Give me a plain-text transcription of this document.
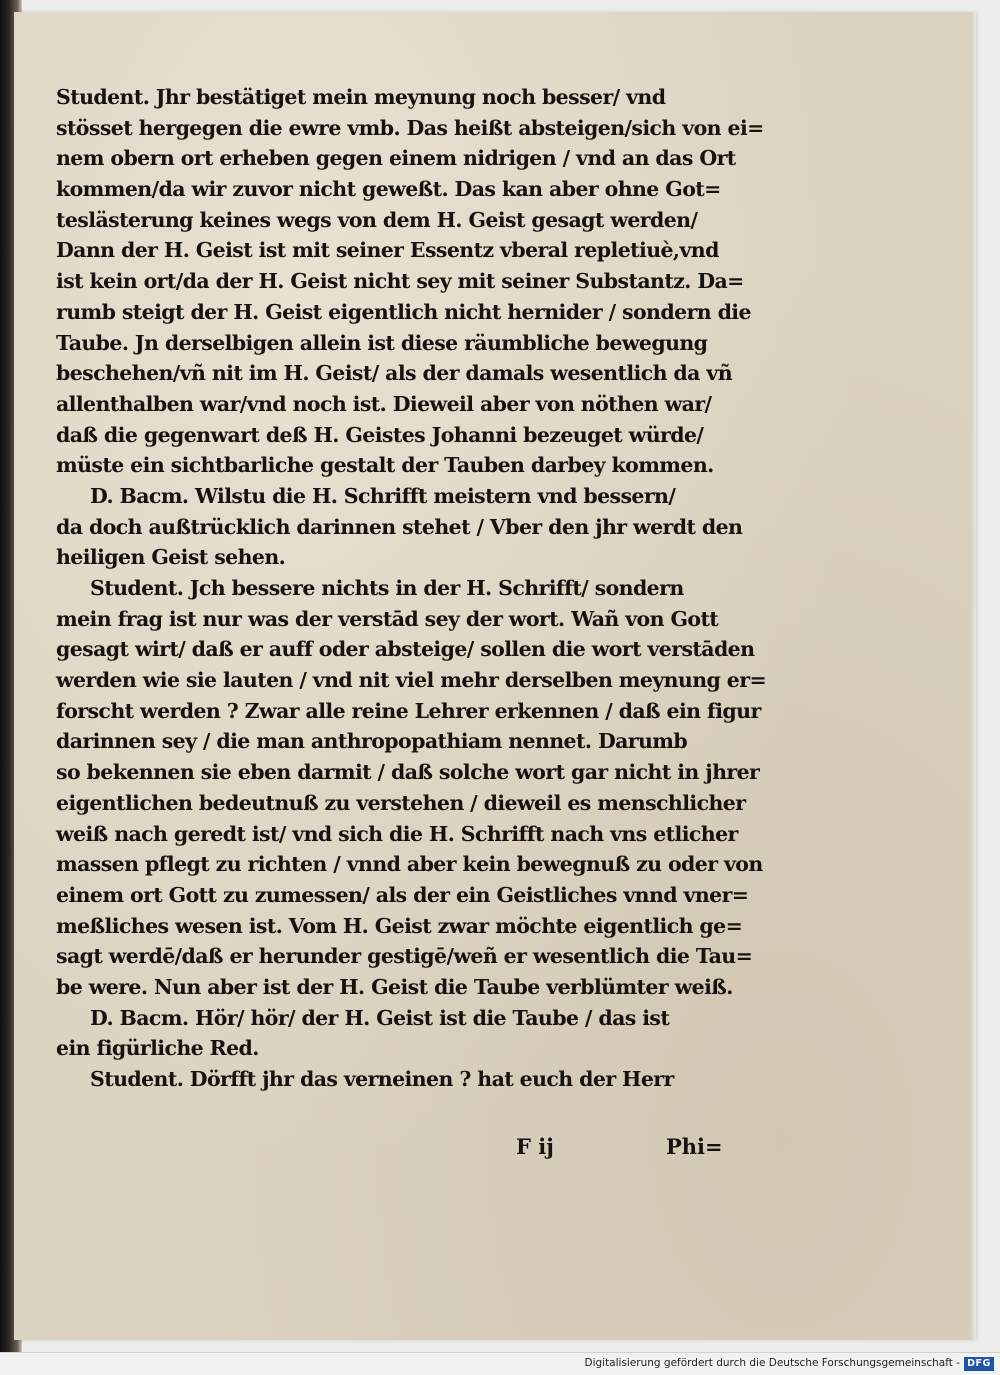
Student. Jhr bestätiget mein meynung noch besser/ vnd
stösset hergegen die ewre vmb. Das heißt absteigen/sich von ei=
nem obern ort erheben gegen einem nidrigen / vnd an das Ort
kommen/da wir zuvor nicht geweßt. Das kan aber ohne Got=
teslästerung keines wegs von dem H. Geist gesagt werden/
Dann der H. Geist ist mit seiner Essentz vberal repletiuè,vnd
ist kein ort/da der H. Geist nicht sey mit seiner Substantz. Da=
rumb steigt der H. Geist eigentlich nicht hernider / sondern die
Taube. Jn derselbigen allein ist diese räumbliche bewegung
beschehen/vñ nit im H. Geist/ als der damals wesentlich da vñ
allenthalben war/vnd noch ist. Dieweil aber von nöthen war/
daß die gegenwart deß H. Geistes Johanni bezeuget würde/
müste ein sichtbarliche gestalt der Tauben darbey kommen.
D. Bacm. Wilstu die H. Schrifft meistern vnd bessern/
da doch außtrücklich darinnen stehet / Vber den jhr werdt den
heiligen Geist sehen.
Student. Jch bessere nichts in der H. Schrifft/ sondern
mein frag ist nur was der verstād sey der wort. Wañ von Gott
gesagt wirt/ daß er auff oder absteige/ sollen die wort verstāden
werden wie sie lauten / vnd nit viel mehr derselben meynung er=
forscht werden ? Zwar alle reine Lehrer erkennen / daß ein figur
darinnen sey / die man anthropopathiam nennet. Darumb
so bekennen sie eben darmit / daß solche wort gar nicht in jhrer
eigentlichen bedeutnuß zu verstehen / dieweil es menschlicher
weiß nach geredt ist/ vnd sich die H. Schrifft nach vns etlicher
massen pflegt zu richten / vnnd aber kein bewegnuß zu oder von
einem ort Gott zu zumessen/ als der ein Geistliches vnnd vner=
meßliches wesen ist. Vom H. Geist zwar möchte eigentlich ge=
sagt werdē/daß er herunder gestigē/weñ er wesentlich die Tau=
be were. Nun aber ist der H. Geist die Taube verblümter weiß.
D. Bacm. Hör/ hör/ der H. Geist ist die Taube / das ist
ein figürliche Red.
Student. Dörfft jhr das verneinen ? hat euch der Herr
F ij	Phi=
Digitalisierung gefördert durch die Deutsche Forschungsgemeinschaft - DFG
